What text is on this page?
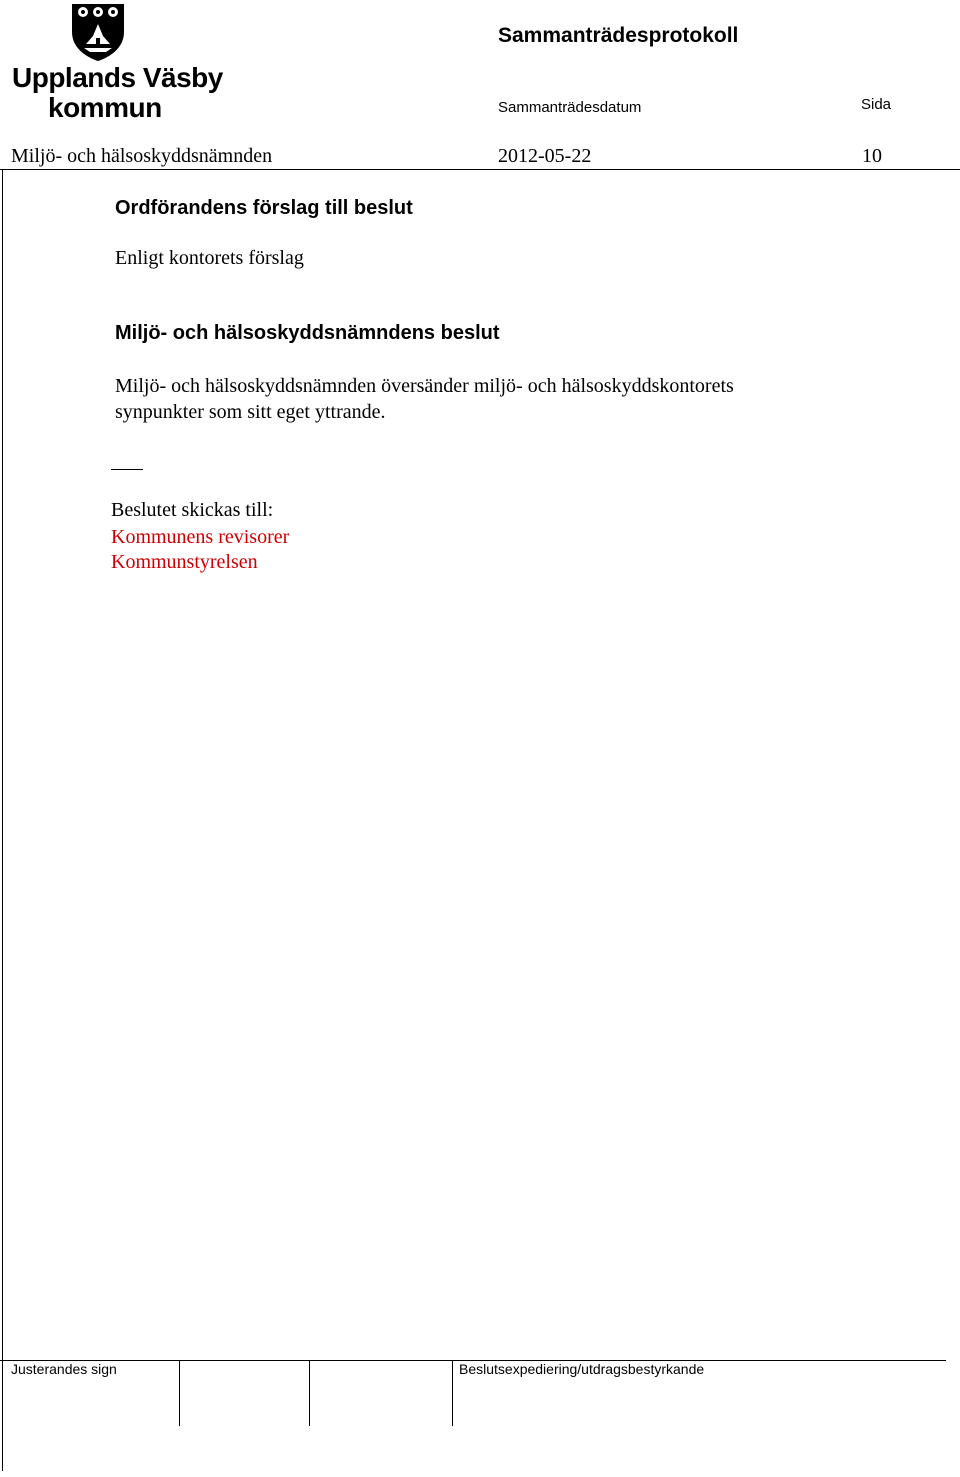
Upplands Väsby
kommun
Sammanträdesprotokoll
Sammanträdesdatum	Sida
Miljö- och hälsoskyddsnämnden	2012-05-22	10
Ordförandens förslag till beslut
Enligt kontorets förslag
Miljö- och hälsoskyddsnämndens beslut
Miljö- och hälsoskyddsnämnden översänder miljö- och hälsoskyddskontorets
synpunkter som sitt eget yttrande.
Beslutet skickas till:
Kommunens revisorer
Kommunstyrelsen
Justerandes sign	Beslutsexpediering/utdragsbestyrkande
